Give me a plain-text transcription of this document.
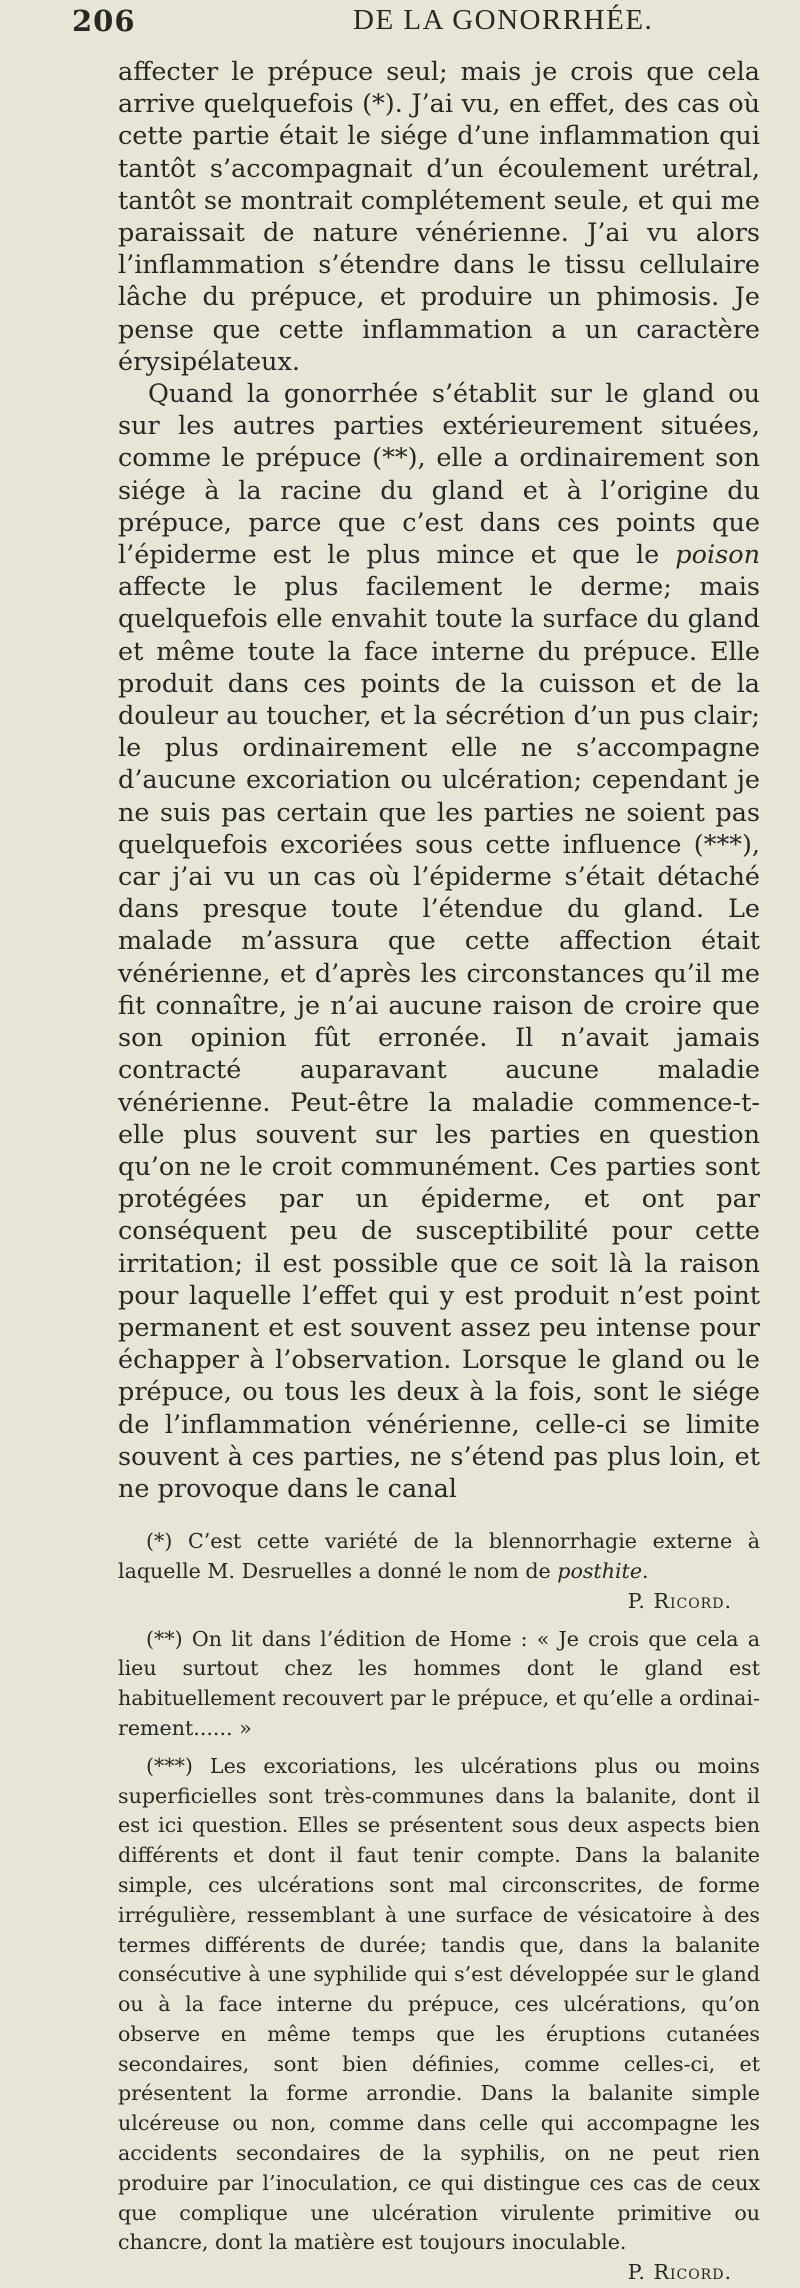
206	DE LA GONORRHÉE.

affecter le prépuce seul; mais je crois que cela arrive quelquefois (*). J’ai vu, en effet, des cas où cette partie était le siége d’une inflammation qui tantôt s’accompagnait d’un écoulement urétral, tantôt se montrait complétement seule, et qui me paraissait de nature vénérienne. J’ai vu alors l’inflammation s’étendre dans le tissu cellulaire lâche du prépuce, et produire un phimosis. Je pense que cette inflammation a un caractère érysipélateux.

Quand la gonorrhée s’établit sur le gland ou sur les autres parties extérieurement situées, comme le prépuce (**), elle a ordinairement son siége à la racine du gland et à l’origine du prépuce, parce que c’est dans ces points que l’épiderme est le plus mince et que le poison affecte le plus facilement le derme; mais quelquefois elle envahit toute la surface du gland et même toute la face interne du prépuce. Elle produit dans ces points de la cuisson et de la douleur au toucher, et la sécrétion d’un pus clair; le plus ordinairement elle ne s’accompagne d’aucune excoriation ou ulcération; cependant je ne suis pas certain que les parties ne soient pas quelquefois excoriées sous cette influence (***), car j’ai vu un cas où l’épiderme s’était détaché dans presque toute l’étendue du gland. Le malade m’assura que cette affection était vénérienne, et d’après les circonstances qu’il me fit connaître, je n’ai aucune raison de croire que son opinion fût erronée. Il n’avait jamais contracté auparavant aucune maladie vénérienne. Peut-être la maladie commence-t-elle plus souvent sur les parties en question qu’on ne le croit communément. Ces parties sont protégées par un épiderme, et ont par conséquent peu de susceptibilité pour cette irritation; il est possible que ce soit là la raison pour laquelle l’effet qui y est produit n’est point permanent et est souvent assez peu intense pour échapper à l’observation. Lorsque le gland ou le prépuce, ou tous les deux à la fois, sont le siége de l’inflammation vénérienne, celle-ci se limite souvent à ces parties, ne s’étend pas plus loin, et ne provoque dans le canal

(*) C’est cette variété de la blennorrhagie externe à laquelle M. Desruelles a donné le nom de posthite.
P. Ricord.

(**) On lit dans l’édition de Home : « Je crois que cela a lieu surtout chez les hommes dont le gland est habituellement recouvert par le prépuce, et qu’elle a ordinairement...... »

(***) Les excoriations, les ulcérations plus ou moins superficielles sont très-communes dans la balanite, dont il est ici question. Elles se présentent sous deux aspects bien différents et dont il faut tenir compte. Dans la balanite simple, ces ulcérations sont mal circonscrites, de forme irrégulière, ressemblant à une surface de vésicatoire à des termes différents de durée; tandis que, dans la balanite consécutive à une syphilide qui s’est développée sur le gland ou à la face interne du prépuce, ces ulcérations, qu’on observe en même temps que les éruptions cutanées secondaires, sont bien définies, comme celles-ci, et présentent la forme arrondie. Dans la balanite simple ulcéreuse ou non, comme dans celle qui accompagne les accidents secondaires de la syphilis, on ne peut rien produire par l’inoculation, ce qui distingue ces cas de ceux que complique une ulcération virulente primitive ou chancre, dont la matière est toujours inoculable.
P. Ricord.
